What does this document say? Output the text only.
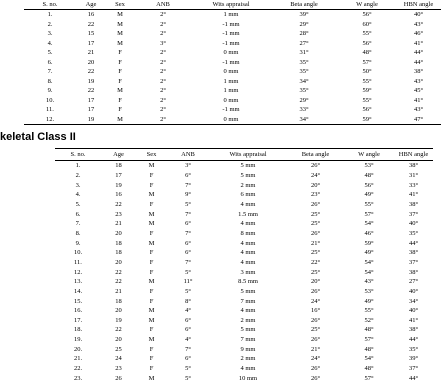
S. no.	Age	Sex	ANB	Wits appraisal	Beta angle	W angle	HBN angle
1.	16	M	2°	1 mm	39°	56°	40°
2.	22	M	2°	-1 mm	29°	60°	43°
3.	15	M	2°	-1 mm	28°	55°	46°
4.	17	M	3°	-1 mm	27°	56°	41°
5.	21	F	2°	0 mm	31°	48°	44°
6.	20	F	2°	-1 mm	35°	57°	44°
7.	22	F	2°	0 mm	35°	50°	38°
8.	19	F	2°	1 mm	34°	55°	43°
9.	22	M	2°	1 mm	35°	59°	45°
10.	17	F	2°	0 mm	29°	55°	41°
11.	17	F	2°	-1 mm	33°	56°	43°
12.	19	M	2°	0 mm	34°	59°	47°
keletal Class II
S. no.	Age	Sex	ANB	Wits appraisal	Beta angle	W angle	HBN angle
1.	18	M	3°	5 mm	26°	53°	38°
2.	17	F	6°	5 mm	24°	48°	31°
3.	19	F	7°	2 mm	20°	56°	33°
4.	16	M	9°	6 mm	23°	49°	41°
5.	22	F	5°	4 mm	26°	55°	38°
6.	23	M	7°	1.5 mm	25°	57°	37°
7.	21	M	6°	4 mm	25°	54°	40°
8.	20	F	7°	8 mm	26°	46°	35°
9.	18	M	6°	4 mm	21°	59°	44°
10.	18	F	6°	4 mm	25°	49°	38°
11.	20	F	7°	4 mm	22°	54°	37°
12.	22	F	5°	3 mm	25°	54°	38°
13.	22	M	11°	8.5 mm	20°	43°	27°
14.	21	F	5°	5 mm	26°	53°	40°
15.	18	F	8°	7 mm	24°	49°	34°
16.	20	M	4°	4 mm	16°	55°	40°
17.	19	M	6°	2 mm	26°	52°	41°
18.	22	F	6°	5 mm	25°	48°	38°
19.	20	M	4°	7 mm	26°	57°	44°
20.	25	F	7°	9 mm	21°	48°	35°
21.	24	F	6°	2 mm	24°	54°	39°
22.	23	F	5°	4 mm	26°	48°	37°
23.	26	M	5°	10 mm	26°	57°	44°
